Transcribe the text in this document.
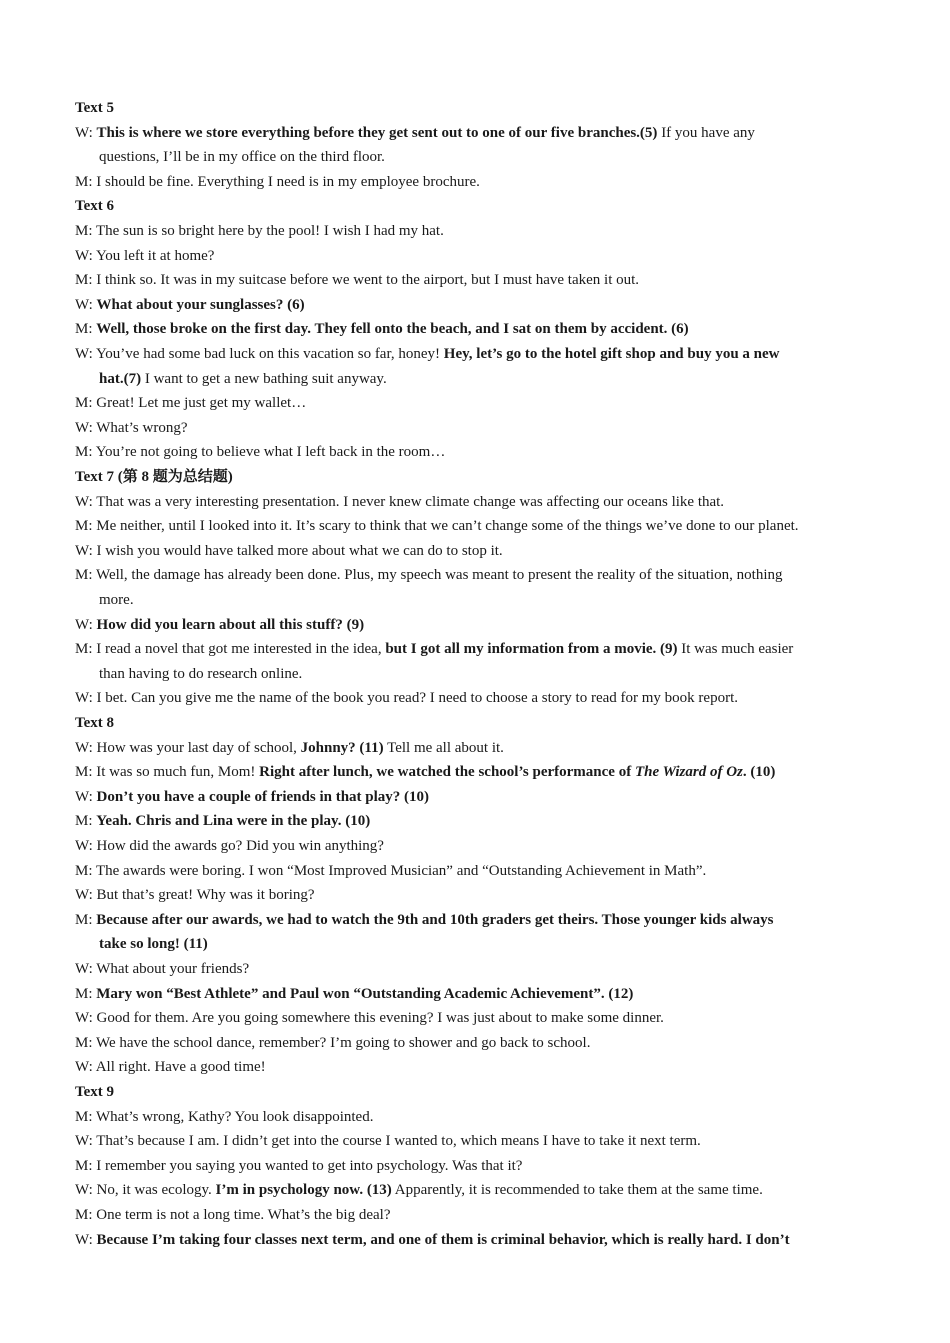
Text 5
W: This is where we store everything before they get sent out to one of our five branches.(5) If you have any
questions, I’ll be in my office on the third floor.
M: I should be fine. Everything I need is in my employee brochure.
Text 6
M: The sun is so bright here by the pool! I wish I had my hat.
W: You left it at home?
M: I think so. It was in my suitcase before we went to the airport, but I must have taken it out.
W: What about your sunglasses? (6)
M: Well, those broke on the first day. They fell onto the beach, and I sat on them by accident. (6)
W: You’ve had some bad luck on this vacation so far, honey! Hey, let’s go to the hotel gift shop and buy you a new
hat.(7) I want to get a new bathing suit anyway.
M: Great! Let me just get my wallet…
W: What’s wrong?
M: You’re not going to believe what I left back in the room…
Text 7 (第 8 题为总结题)
W: That was a very interesting presentation. I never knew climate change was affecting our oceans like that.
M: Me neither, until I looked into it. It’s scary to think that we can’t change some of the things we’ve done to our planet.
W: I wish you would have talked more about what we can do to stop it.
M: Well, the damage has already been done. Plus, my speech was meant to present the reality of the situation, nothing
more.
W: How did you learn about all this stuff? (9)
M: I read a novel that got me interested in the idea, but I got all my information from a movie. (9) It was much easier
than having to do research online.
W: I bet. Can you give me the name of the book you read? I need to choose a story to read for my book report.
Text 8
W: How was your last day of school, Johnny? (11) Tell me all about it.
M: It was so much fun, Mom! Right after lunch, we watched the school’s performance of The Wizard of Oz. (10)
W: Don’t you have a couple of friends in that play? (10)
M: Yeah. Chris and Lina were in the play. (10)
W: How did the awards go? Did you win anything?
M: The awards were boring. I won “Most Improved Musician” and “Outstanding Achievement in Math”.
W: But that’s great! Why was it boring?
M: Because after our awards, we had to watch the 9th and 10th graders get theirs. Those younger kids always
take so long! (11)
W: What about your friends?
M: Mary won “Best Athlete” and Paul won “Outstanding Academic Achievement”. (12)
W: Good for them. Are you going somewhere this evening? I was just about to make some dinner.
M: We have the school dance, remember? I’m going to shower and go back to school.
W: All right. Have a good time!
Text 9
M: What’s wrong, Kathy? You look disappointed.
W: That’s because I am. I didn’t get into the course I wanted to, which means I have to take it next term.
M: I remember you saying you wanted to get into psychology. Was that it?
W: No, it was ecology. I’m in psychology now. (13) Apparently, it is recommended to take them at the same time.
M: One term is not a long time. What’s the big deal?
W: Because I’m taking four classes next term, and one of them is criminal behavior, which is really hard. I don’t
